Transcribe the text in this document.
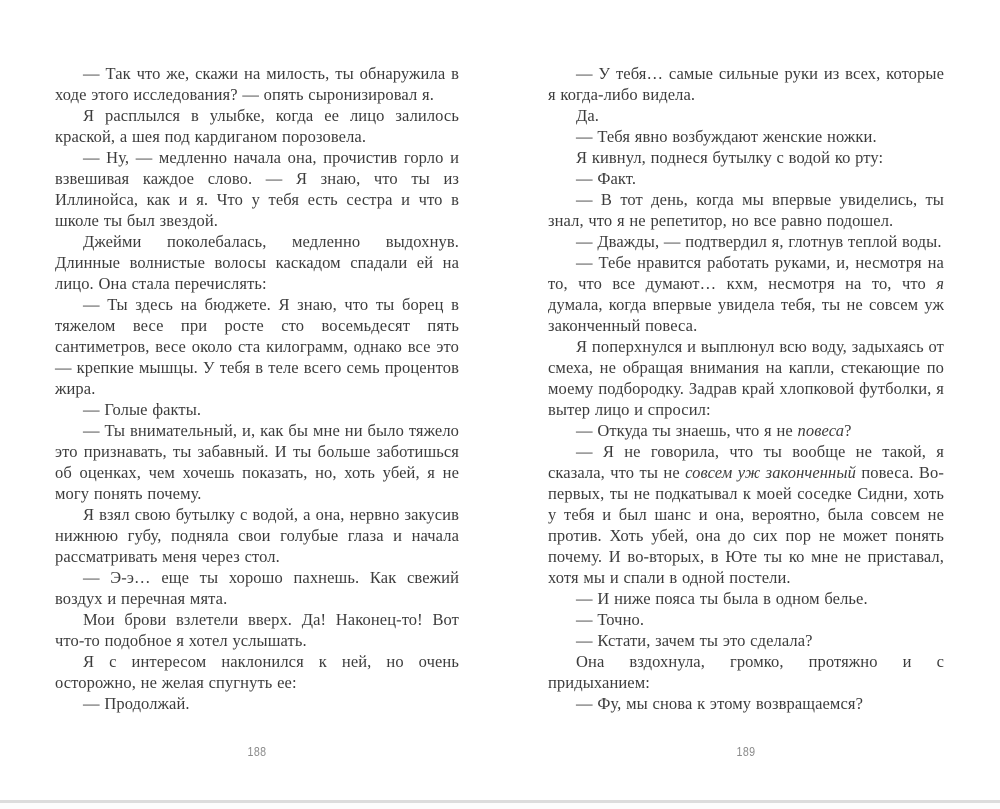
— Так что же, скажи на милость, ты обнаружила в ходе этого исследования? — опять сыронизировал я.

Я расплылся в улыбке, когда ее лицо залилось краской, а шея под кардиганом порозовела.

— Ну, — медленно начала она, прочистив горло и взвешивая каждое слово. — Я знаю, что ты из Иллинойса, как и я. Что у тебя есть сестра и что в школе ты был звездой.

Джейми поколебалась, медленно выдохнув. Длинные волнистые волосы каскадом спадали ей на лицо. Она стала перечислять:

— Ты здесь на бюджете. Я знаю, что ты борец в тяжелом весе при росте сто восемьдесят пять сантиметров, весе около ста килограмм, однако все это — крепкие мышцы. У тебя в теле всего семь процентов жира.

— Голые факты.

— Ты внимательный, и, как бы мне ни было тяжело это признавать, ты забавный. И ты больше заботишься об оценках, чем хочешь показать, но, хоть убей, я не могу понять почему.

Я взял свою бутылку с водой, а она, нервно закусив нижнюю губу, подняла свои голубые глаза и начала рассматривать меня через стол.

— Э-э… еще ты хорошо пахнешь. Как свежий воздух и перечная мята.

Мои брови взлетели вверх. Да! Наконец-то! Вот что-то подобное я хотел услышать.

Я с интересом наклонился к ней, но очень осторожно, не желая спугнуть ее:

— Продолжай.

— У тебя… самые сильные руки из всех, которые я когда-либо видела.

Да.

— Тебя явно возбуждают женские ножки.

Я кивнул, поднеся бутылку с водой ко рту:

— Факт.

— В тот день, когда мы впервые увиделись, ты знал, что я не репетитор, но все равно подошел.

— Дважды, — подтвердил я, глотнув теплой воды.

— Тебе нравится работать руками, и, несмотря на то, что все думают… кхм, несмотря на то, что я думала, когда впервые увидела тебя, ты не совсем уж законченный повеса.

Я поперхнулся и выплюнул всю воду, задыхаясь от смеха, не обращая внимания на капли, стекающие по моему подбородку. Задрав край хлопковой футболки, я вытер лицо и спросил:

— Откуда ты знаешь, что я не повеса?

— Я не говорила, что ты вообще не такой, я сказала, что ты не совсем уж законченный повеса. Во-первых, ты не подкатывал к моей соседке Сидни, хоть у тебя и был шанс и она, вероятно, была совсем не против. Хоть убей, она до сих пор не может понять почему. И во-вторых, в Юте ты ко мне не приставал, хотя мы и спали в одной постели.

— И ниже пояса ты была в одном белье.

— Точно.

— Кстати, зачем ты это сделала?

Она вздохнула, громко, протяжно и с придыханием:

— Фу, мы снова к этому возвращаемся?

188	189
